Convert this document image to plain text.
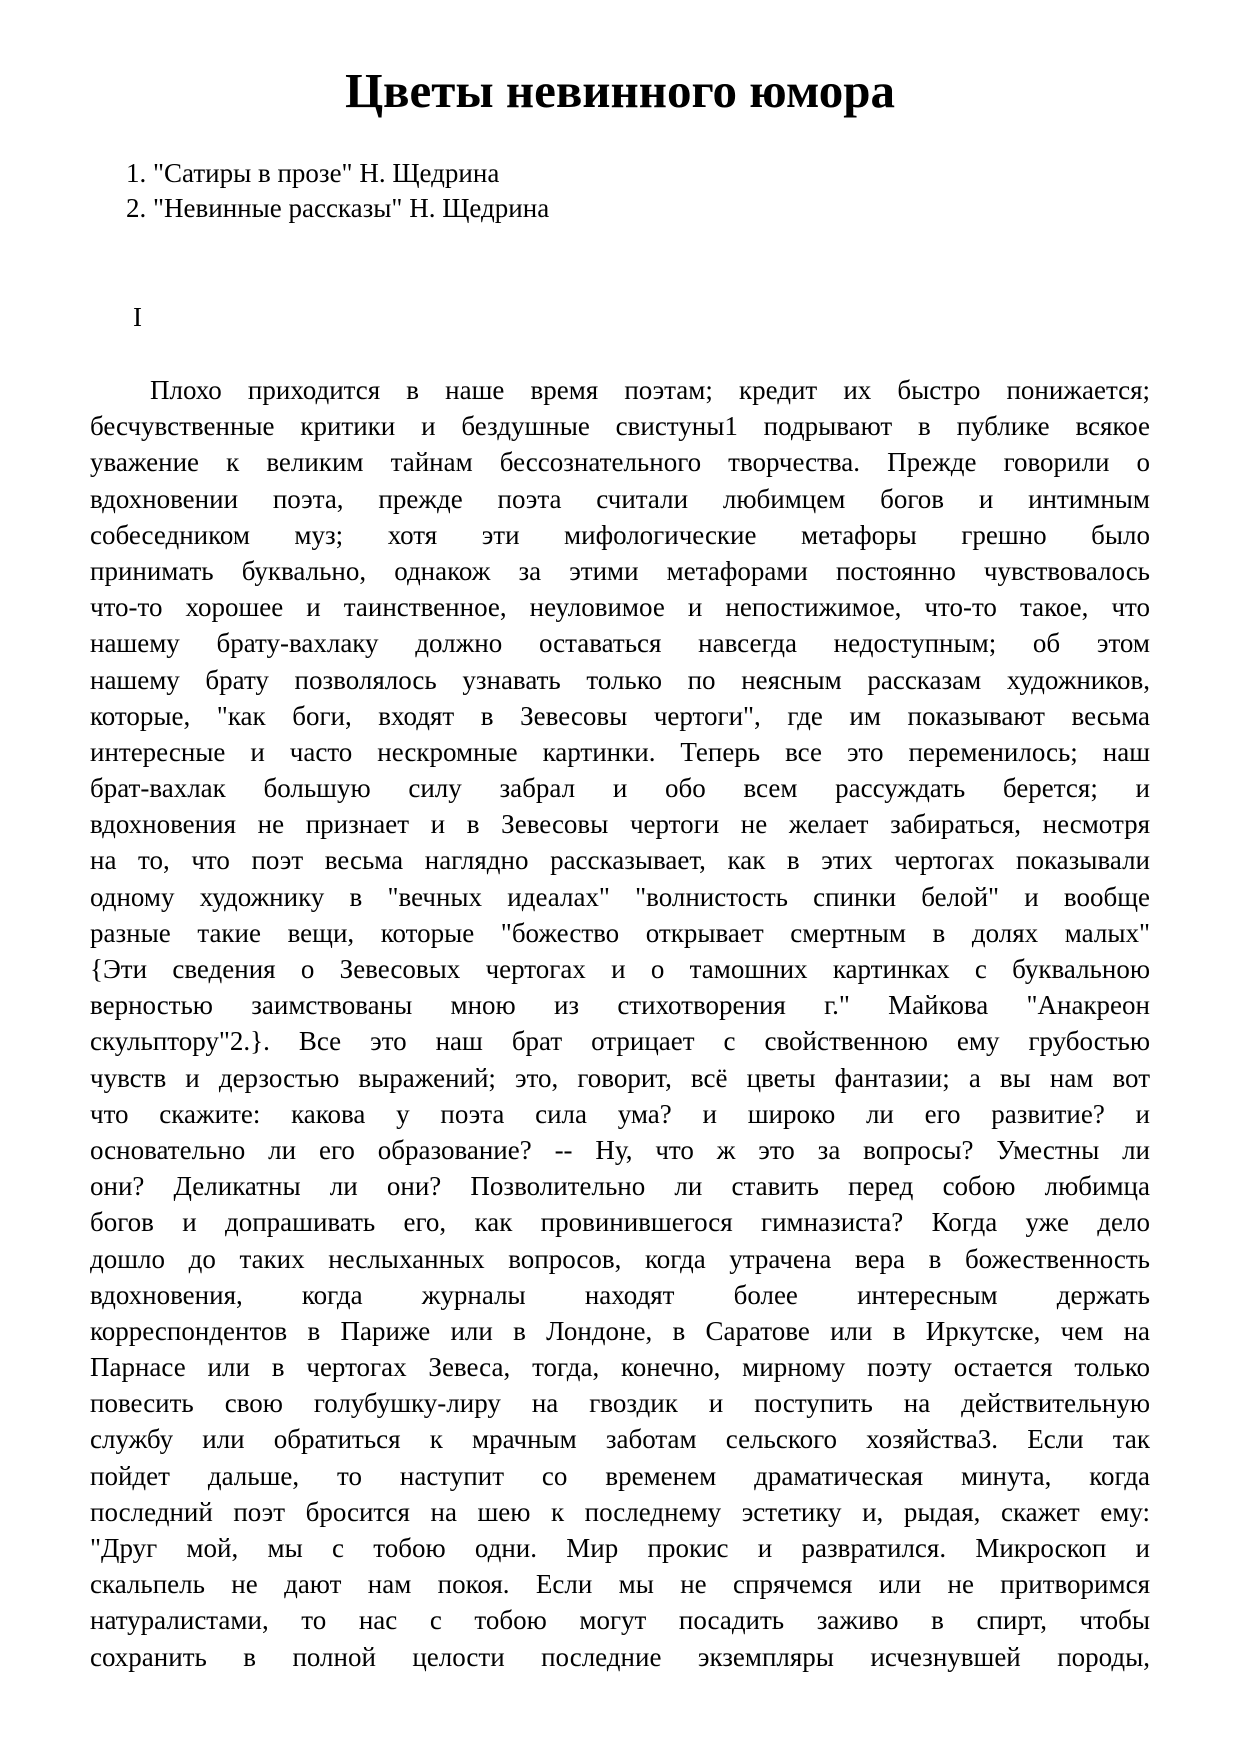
Цветы невинного юмора
1. "Сатиры в прозе" Н. Щедрина
2. "Невинные рассказы" Н. Щедрина
I
Плохо приходится в наше время поэтам; кредит их быстро понижается;
бесчувственные критики и бездушные свистуны1 подрывают в публике всякое
уважение к великим тайнам бессознательного творчества. Прежде говорили о
вдохновении поэта, прежде поэта считали любимцем богов и интимным
собеседником муз; хотя эти мифологические метафоры грешно было
принимать буквально, однакож за этими метафорами постоянно чувствовалось
что-то хорошее и таинственное, неуловимое и непостижимое, что-то такое, что
нашему брату-вахлаку должно оставаться навсегда недоступным; об этом
нашему брату позволялось узнавать только по неясным рассказам художников,
которые, "как боги, входят в Зевесовы чертоги", где им показывают весьма
интересные и часто нескромные картинки. Теперь все это переменилось; наш
брат-вахлак большую силу забрал и обо всем рассуждать берется; и
вдохновения не признает и в Зевесовы чертоги не желает забираться, несмотря
на то, что поэт весьма наглядно рассказывает, как в этих чертогах показывали
одному художнику в "вечных идеалах" "волнистость спинки белой" и вообще
разные такие вещи, которые "божество открывает смертным в долях малых"
{Эти сведения о Зевесовых чертогах и о тамошних картинках с буквальною
верностью заимствованы мною из стихотворения г." Майкова "Анакреон
скульптору"2.}. Все это наш брат отрицает с свойственною ему грубостью
чувств и дерзостью выражений; это, говорит, всё цветы фантазии; а вы нам вот
что скажите: какова у поэта сила ума? и широко ли его развитие? и
основательно ли его образование? -- Ну, что ж это за вопросы? Уместны ли
они? Деликатны ли они? Позволительно ли ставить перед собою любимца
богов и допрашивать его, как провинившегося гимназиста? Когда уже дело
дошло до таких неслыханных вопросов, когда утрачена вера в божественность
вдохновения, когда журналы находят более интересным держать
корреспондентов в Париже или в Лондоне, в Саратове или в Иркутске, чем на
Парнасе или в чертогах Зевеса, тогда, конечно, мирному поэту остается только
повесить свою голубушку-лиру на гвоздик и поступить на действительную
службу или обратиться к мрачным заботам сельского хозяйства3. Если так
пойдет дальше, то наступит со временем драматическая минута, когда
последний поэт бросится на шею к последнему эстетику и, рыдая, скажет ему:
"Друг мой, мы с тобою одни. Мир прокис и развратился. Микроскоп и
скальпель не дают нам покоя. Если мы не спрячемся или не притворимся
натуралистами, то нас с тобою могут посадить заживо в спирт, чтобы
сохранить в полной целости последние экземпляры исчезнувшей породы,
